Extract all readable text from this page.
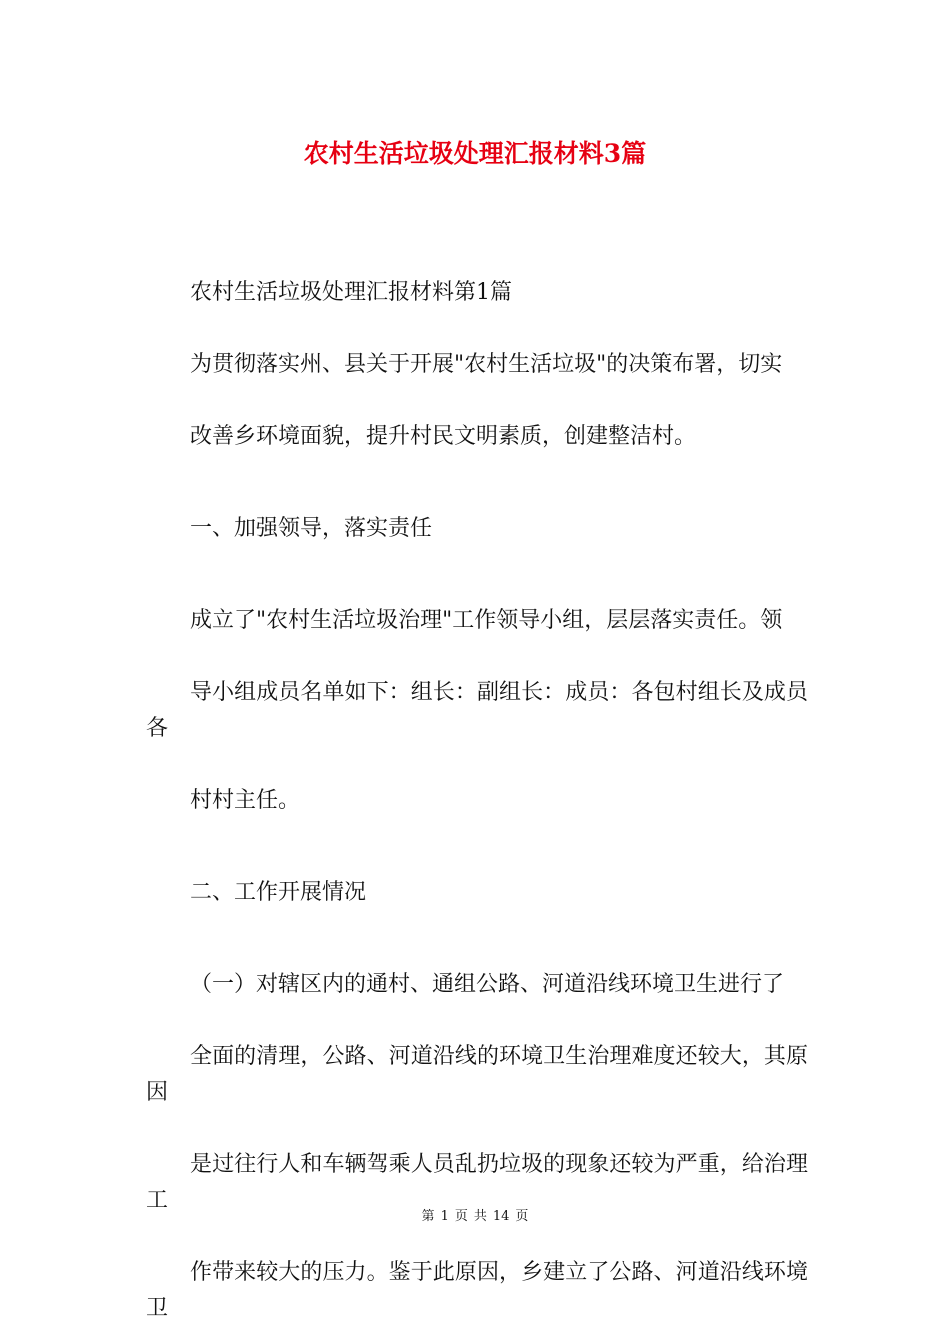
农村生活垃圾处理汇报材料3篇

农村生活垃圾处理汇报材料第1篇

为贯彻落实州、县关于开展"农村生活垃圾"的决策布署，切实
改善乡环境面貌，提升村民文明素质，创建整洁村。

一、加强领导，落实责任

成立了"农村生活垃圾治理"工作领导小组，层层落实责任。领
导小组成员名单如下：组长：副组长：成员：各包村组长及成员各
村村主任。

二、工作开展情况

（一）对辖区内的通村、通组公路、河道沿线环境卫生进行了
全面的清理，公路、河道沿线的环境卫生治理难度还较大，其原因
是过往行人和车辆驾乘人员乱扔垃圾的现象还较为严重，给治理工
作带来较大的压力。鉴于此原因，乡建立了公路、河道沿线环境卫

第 1 页 共 14 页
